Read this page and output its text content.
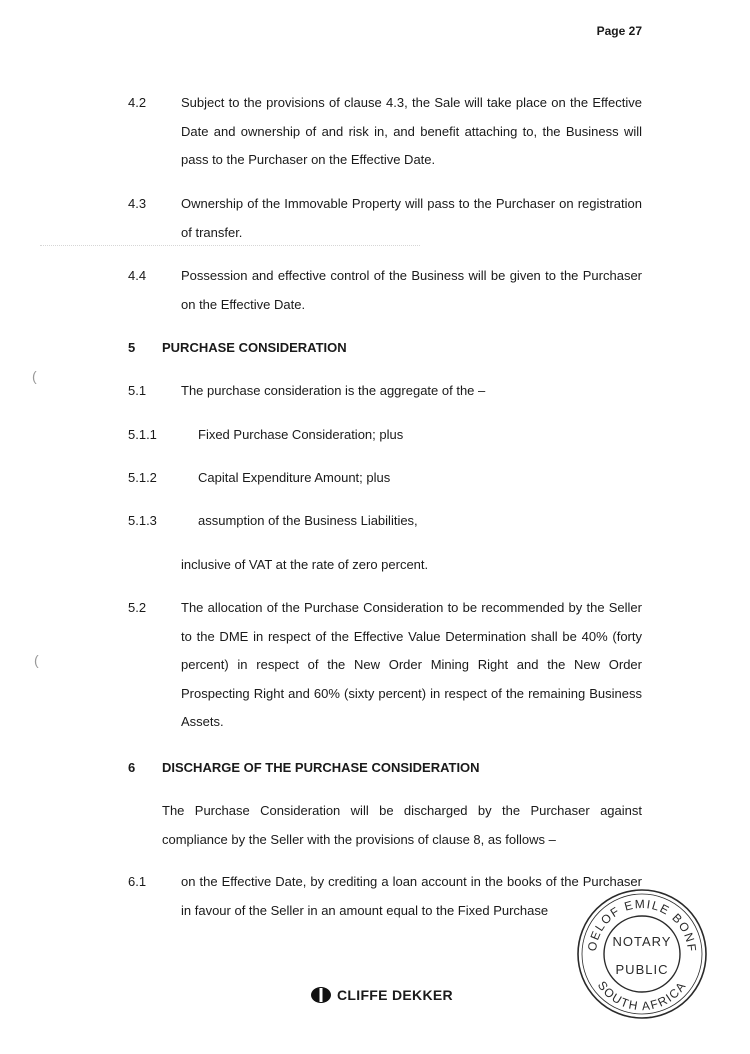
Page 27
4.2	Subject to the provisions of clause 4.3, the Sale will take place on the Effective Date and ownership of and risk in, and benefit attaching to, the Business will pass to the Purchaser on the Effective Date.
4.3	Ownership of the Immovable Property will pass to the Purchaser on registration of transfer.
4.4	Possession and effective control of the Business will be given to the Purchaser on the Effective Date.
5 PURCHASE CONSIDERATION
5.1	The purchase consideration is the aggregate of the –
5.1.1	Fixed Purchase Consideration; plus
5.1.2	Capital Expenditure Amount; plus
5.1.3	assumption of the Business Liabilities,
inclusive of VAT at the rate of zero percent.
5.2	The allocation of the Purchase Consideration to be recommended by the Seller to the DME in respect of the Effective Value Determination shall be 40% (forty percent) in respect of the New Order Mining Right and the New Order Prospecting Right and 60% (sixty percent) in respect of the remaining Business Assets.
6 DISCHARGE OF THE PURCHASE CONSIDERATION
The Purchase Consideration will be discharged by the Purchaser against compliance by the Seller with the provisions of clause 8, as follows –
6.1	on the Effective Date, by crediting a loan account in the books of the Purchaser in favour of the Seller in an amount equal to the Fixed Purchase
(
(
CLIFFE DEKKER
OELOF EMILE BONF
SOUTH AFRICA
NOTARY
PUBLIC
